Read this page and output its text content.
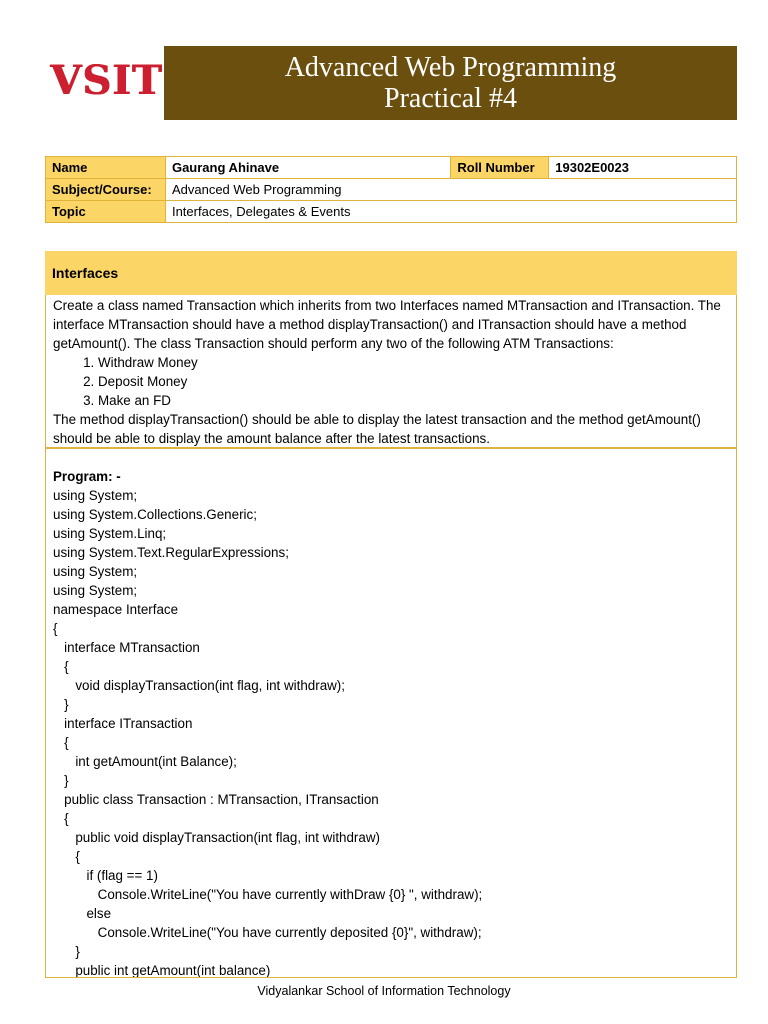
VSIT	Advanced Web Programming
Practical #4
Name	Gaurang Ahinave	Roll Number	19302E0023
Subject/Course:	Advanced Web Programming		
Topic	Interfaces, Delegates & Events		
Interfaces

Create a class named Transaction which inherits from two Interfaces named MTransaction and ITransaction. The interface MTransaction should have a method displayTransaction() and ITransaction should have a method getAmount(). The class Transaction should perform any two of the following ATM Transactions:

1. Withdraw Money
2. Deposit Money
3. Make an FD

The method displayTransaction() should be able to display the latest transaction and the method getAmount() should be able to display the amount balance after the latest transactions.

Program: -
using System;
using System.Collections.Generic;
using System.Linq;
using System.Text.RegularExpressions;
using System;
using System;
namespace Interface
{
interface MTransaction
{
void displayTransaction(int flag, int withdraw);
}
interface ITransaction
{
int getAmount(int Balance);
}
public class Transaction : MTransaction, ITransaction
{
public void displayTransaction(int flag, int withdraw)
{
if (flag == 1)
Console.WriteLine("You have currently withDraw {0} ", withdraw);
else
Console.WriteLine("You have currently deposited {0}", withdraw);
}
public int getAmount(int balance)
Vidyalankar School of Information Technology
